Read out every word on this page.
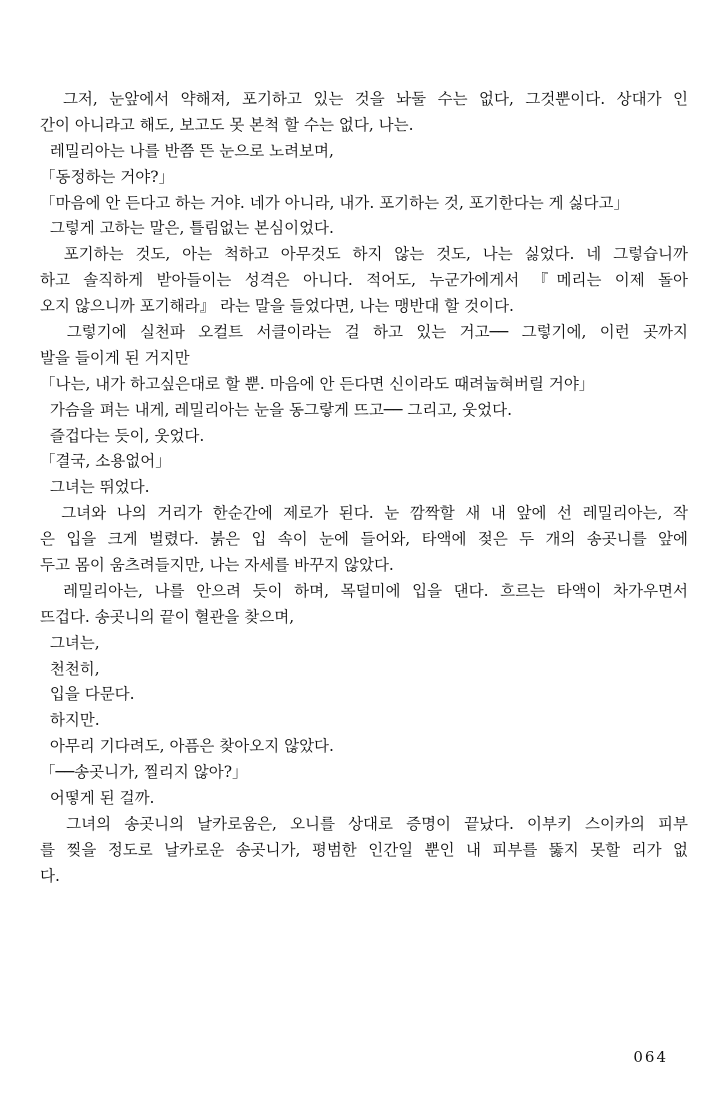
그저, 눈앞에서 약해져, 포기하고 있는 것을 놔둘 수는 없다, 그것뿐이다. 상대가 인
간이 아니라고 해도, 보고도 못 본척 할 수는 없다, 나는.
레밀리아는 나를 반쯤 뜬 눈으로 노려보며,
「동정하는 거야?」
「마음에 안 든다고 하는 거야. 네가 아니라, 내가. 포기하는 것, 포기한다는 게 싫다고」
그렇게 고하는 말은, 틀림없는 본심이었다.
포기하는 것도, 아는 척하고 아무것도 하지 않는 것도, 나는 싫었다. 네 그렇습니까
하고 솔직하게 받아들이는 성격은 아니다. 적어도, 누군가에게서 『메리는 이제 돌아
오지 않으니까 포기해라』 라는 말을 들었다면, 나는 맹반대 할 것이다.
그렇기에 실천파 오컬트 서클이라는 걸 하고 있는 거고── 그렇기에, 이런 곳까지
발을 들이게 된 거지만
「나는, 내가 하고싶은대로 할 뿐. 마음에 안 든다면 신이라도 때려눕혀버릴 거야」
가슴을 펴는 내게, 레밀리아는 눈을 동그랗게 뜨고── 그리고, 웃었다.
즐겁다는 듯이, 웃었다.
「결국, 소용없어」
그녀는 뛰었다.
그녀와 나의 거리가 한순간에 제로가 된다. 눈 깜짝할 새 내 앞에 선 레밀리아는, 작
은 입을 크게 벌렸다. 붉은 입 속이 눈에 들어와, 타액에 젖은 두 개의 송곳니를 앞에
두고 몸이 움츠려들지만, 나는 자세를 바꾸지 않았다.
레밀리아는, 나를 안으려 듯이 하며, 목덜미에 입을 댄다. 흐르는 타액이 차가우면서
뜨겁다. 송곳니의 끝이 혈관을 찾으며,
그녀는,
천천히,
입을 다문다.
하지만.
아무리 기다려도, 아픔은 찾아오지 않았다.
「──송곳니가, 찔리지 않아?」
어떻게 된 걸까.
그녀의 송곳니의 날카로움은, 오니를 상대로 증명이 끝났다. 이부키 스이카의 피부
를 찢을 정도로 날카로운 송곳니가, 평범한 인간일 뿐인 내 피부를 뚫지 못할 리가 없
다.
064
